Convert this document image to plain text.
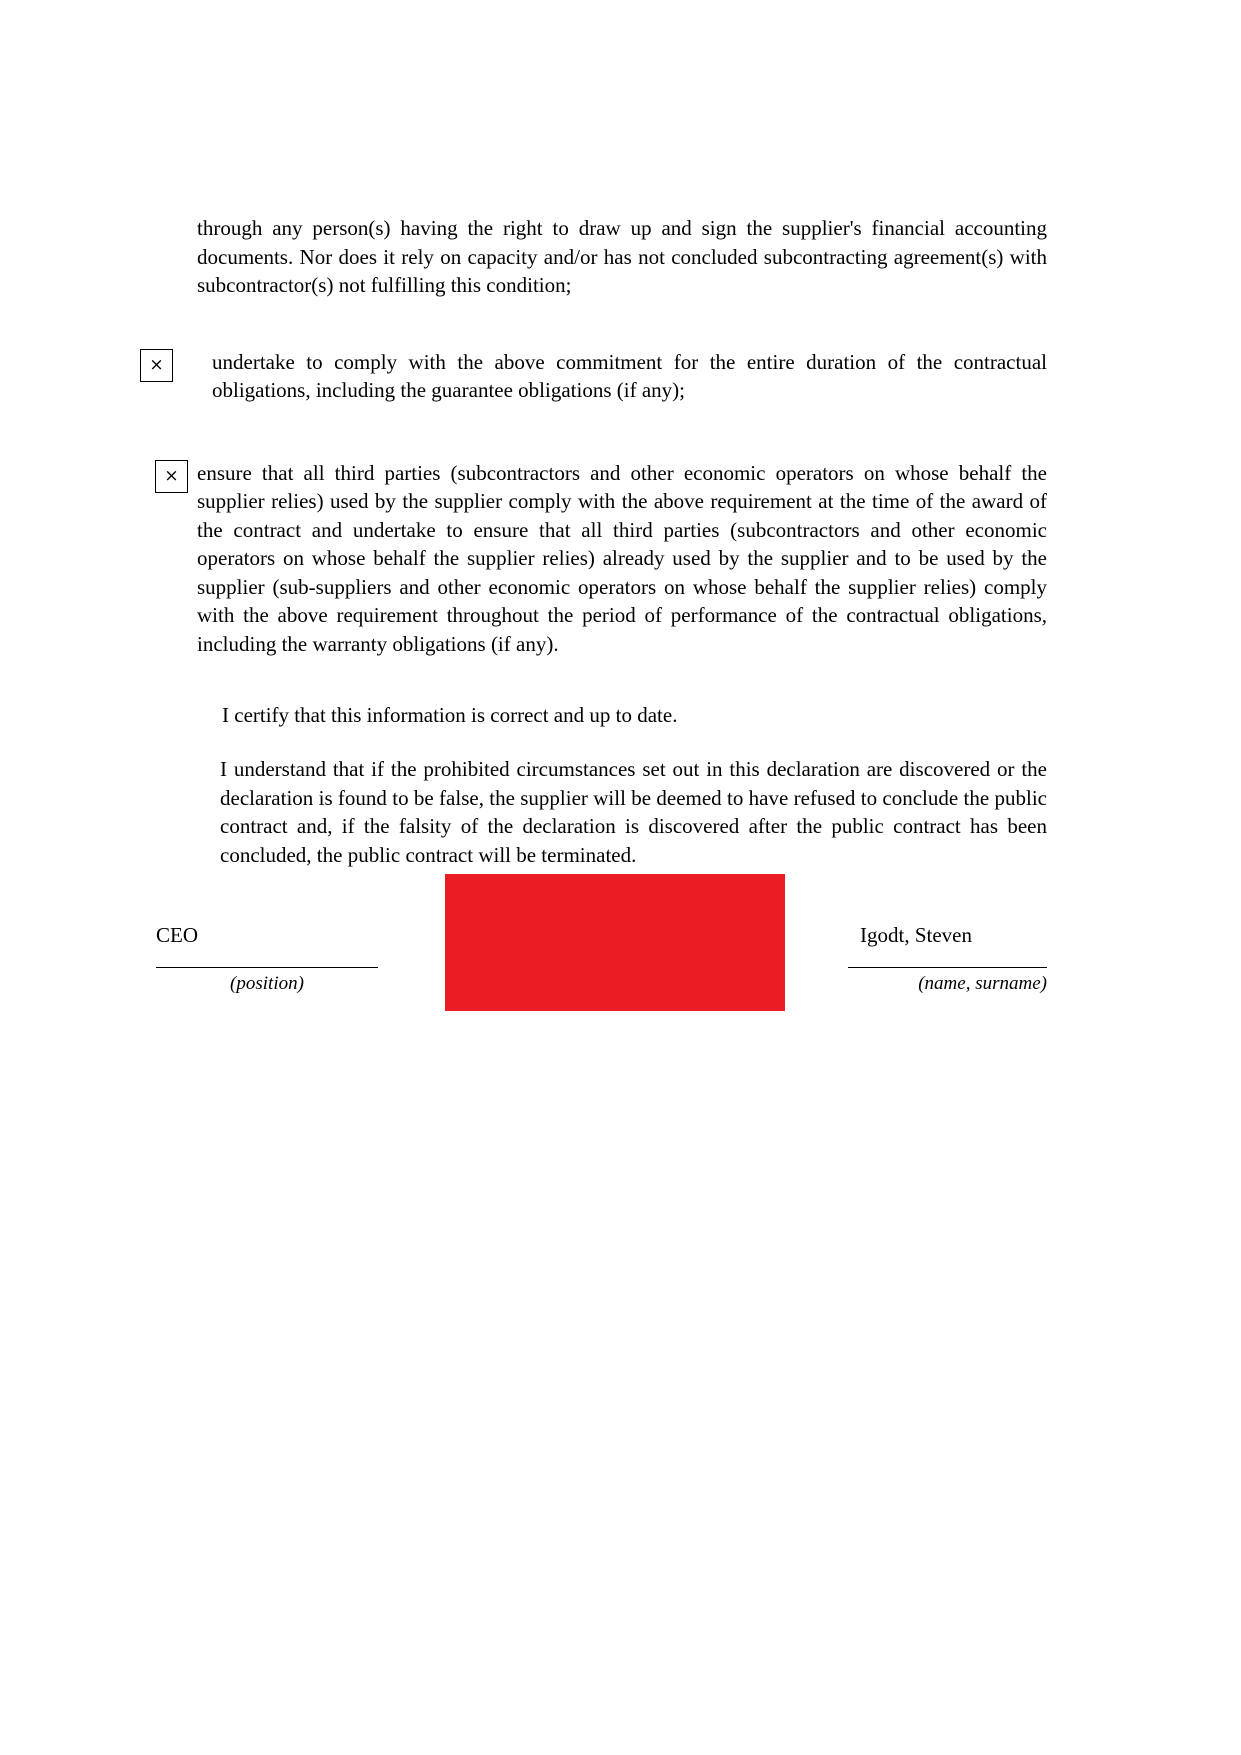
through any person(s) having the right to draw up and sign the supplier's financial accounting documents. Nor does it rely on capacity and/or has not concluded subcontracting agreement(s) with subcontractor(s) not fulfilling this condition;

×	undertake to comply with the above commitment for the entire duration of the contractual obligations, including the guarantee obligations (if any);
× ensure that all third parties (subcontractors and other economic operators on whose behalf the supplier relies) used by the supplier comply with the above requirement at the time of the award of the contract and undertake to ensure that all third parties (subcontractors and other economic operators on whose behalf the supplier relies) already used by the supplier and to be used by the supplier (sub-suppliers and other economic operators on whose behalf the supplier relies) comply with the above requirement throughout the period of performance of the contractual obligations, including the warranty obligations (if any).

I certify that this information is correct and up to date.

I understand that if the prohibited circumstances set out in this declaration are discovered or the declaration is found to be false, the supplier will be deemed to have refused to conclude the public contract and, if the falsity of the declaration is discovered after the public contract has been concluded, the public contract will be terminated.

CEO
(position)
Igodt, Steven
(name, surname)
